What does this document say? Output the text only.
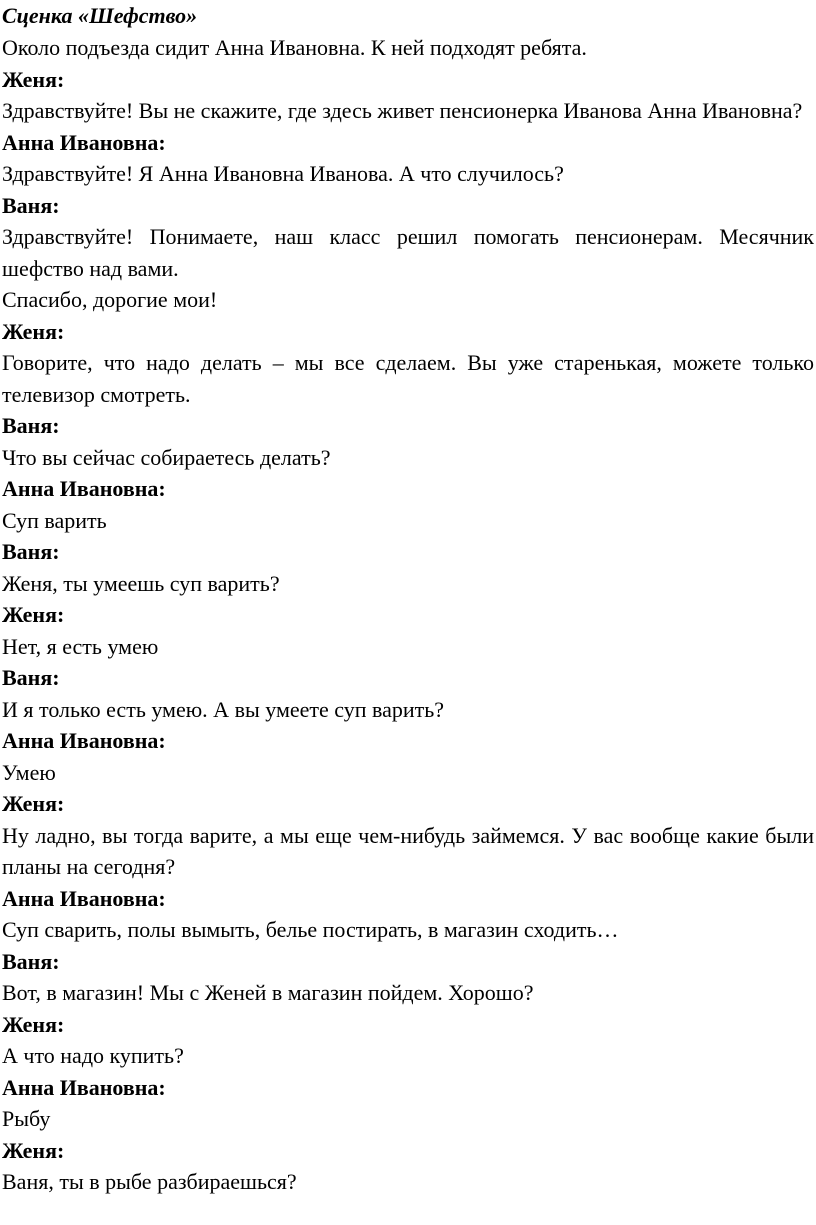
Сценка «Шефство»

Около подъезда сидит Анна Ивановна. К ней подходят ребята.

Женя:

Здравствуйте! Вы не скажите, где здесь живет пенсионерка Иванова Анна Ивановна?

Анна Ивановна:

Здравствуйте! Я Анна Ивановна Иванова. А что случилось?

Ваня:

Здравствуйте! Понимаете, наш класс решил помогать пенсионерам. Месячник шефство над вами.

Спасибо, дорогие мои!

Женя:

Говорите, что надо делать – мы все сделаем. Вы уже старенькая, можете только телевизор смотреть.

Ваня:

Что вы сейчас собираетесь делать?

Анна Ивановна:

Суп варить

Ваня:

Женя, ты умеешь суп варить?

Женя:

Нет, я есть умею

Ваня:

И я только есть умею. А вы умеете суп варить?

Анна Ивановна:

Умею

Женя:

Ну ладно, вы тогда варите, а мы еще чем-нибудь займемся. У вас вообще какие были планы на сегодня?

Анна Ивановна:

Суп сварить, полы вымыть, белье постирать, в магазин сходить…

Ваня:

Вот, в магазин! Мы с Женей в магазин пойдем. Хорошо?

Женя:

А что надо купить?

Анна Ивановна:

Рыбу

Женя:

Ваня, ты в рыбе разбираешься?
